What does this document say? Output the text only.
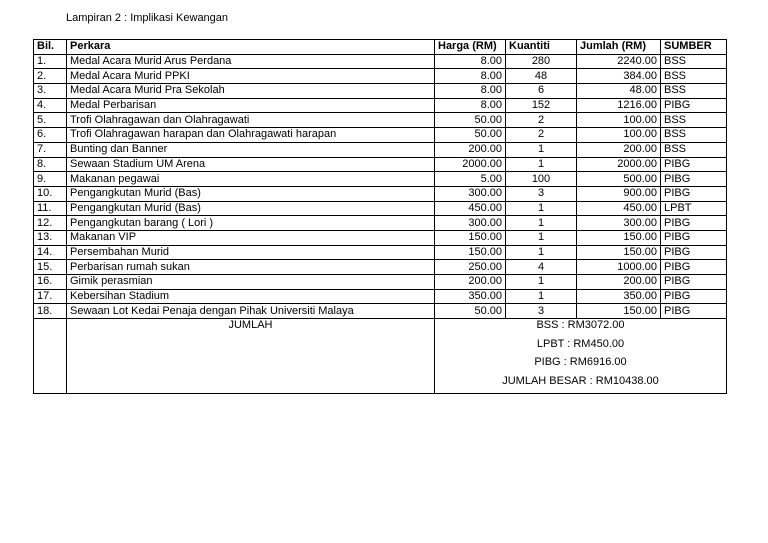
Lampiran 2 : Implikasi Kewangan
Bil.	Perkara	Harga (RM)	Kuantiti	Jumlah (RM)	SUMBER
1.	Medal Acara Murid Arus Perdana	8.00	280	2240.00	BSS
2.	Medal Acara Murid PPKI	8.00	48	384.00	BSS
3.	Medal Acara Murid Pra Sekolah	8.00	6	48.00	BSS
4.	Medal Perbarisan	8.00	152	1216.00	PIBG
5.	Trofi Olahragawan dan Olahragawati	50.00	2	100.00	BSS
6.	Trofi Olahragawan harapan dan Olahragawati harapan	50.00	2	100.00	BSS
7.	Bunting dan Banner	200.00	1	200.00	BSS
8.	Sewaan Stadium UM Arena	2000.00	1	2000.00	PIBG
9.	Makanan pegawai	5.00	100	500.00	PIBG
10.	Pengangkutan Murid (Bas)	300.00	3	900.00	PIBG
11.	Pengangkutan Murid (Bas)	450.00	1	450.00	LPBT
12.	Pengangkutan barang ( Lori )	300.00	1	300.00	PIBG
13.	Makanan VIP	150.00	1	150.00	PIBG
14.	Persembahan Murid	150.00	1	150.00	PIBG
15.	Perbarisan rumah sukan	250.00	4	1000.00	PIBG
16.	Gimik perasmian	200.00	1	200.00	PIBG
17.	Kebersihan Stadium	350.00	1	350.00	PIBG
18.	Sewaan Lot Kedai Penaja dengan Pihak Universiti Malaya	50.00	3	150.00	PIBG
	JUMLAH	BSS : RM3072.00
LPBT : RM450.00
PIBG : RM6916.00
JUMLAH BESAR : RM10438.00			
